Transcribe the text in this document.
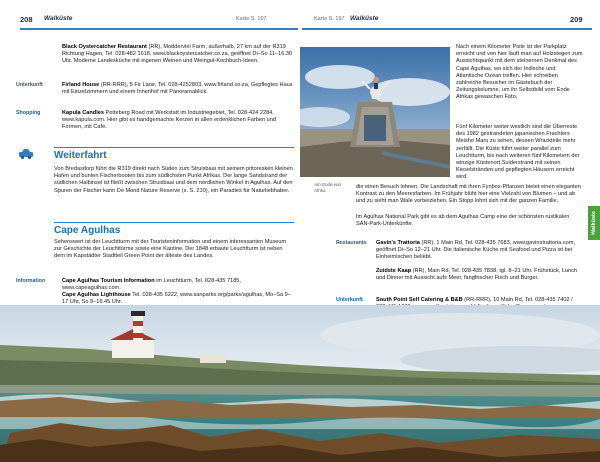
208 Walküste	Karte S. 197
Black Oystercatcher Restaurant (RR), Moddervlei Farm, außerhalb, 27 km auf der R319 Richtung Hagen, Tel. 028-482 1618, www.blackoystercatcher.co.za, geöffnet Di–So 11–16.30 Uhr. Moderne Landesküche mit eigenen Weinen und Weingut-Kochbuch-Ideen.
Unterkunft	Firland House (RR-RRR), 5 Fir Lane, Tel. 028-4252803, www.firland.co.za, Gepflegtes Haus mit Einzelzimmern und einem Innenhof mit Panoramablick.
Shopping	Kapula Candles Potteberg Road mit Werkstatt im Industriegebiet, Tel. 028-424 2284, www.kapula.com. Hier gibt es handgemachte Kerzen in allen erdenklichen Farben und Formen, mit Café.
Weiterfahrt
Von Bredasdorp führt die R319 direkt nach Süden zum Struisbaai mit seinem pittoresken kleinen Hafen und bunten Fischerbooten bis zum südlichsten Punkt Afrikas. Der lange Sandstrand der südlichen Halbinsel ist fließt zwischen Struisbaai und dem nördlichen Winkel in Agulhas. Auf den Spuren der Fischer kann De Mond Nature Reserve (s. S. 210), ein Paradies für Naturliebhaber.
Cape Agulhas
Sehenswert ist der Leuchtturm mit der Touristeninformation und einem interessanten Museum zur Geschichte der Leuchttürme sowie eine Kantine. Der 1848 erbaute Leuchtturm ist neben dem im Kapstädter Stadtteil Green Point der älteste des Landes.
Information	Cape Agulhas Tourism Information im Leuchtturm, Tel. 028-435 7185, www.capeagulhas.com.
Cape Agulhas Lighthouse Tel. 028-435 6222, www.sanparks.org/parks/agulhas, Mo–Sa 9–17 Uhr, So 9–16.45 Uhr.
Karte S. 197 Walküste	209
Am Ende von Afrika
Nach einem Kilometer Piste ist der Parkplatz erreicht und von hier läuft man auf Holzstegen zum Aussichtspunkt mit dem steinernen Denkmal des Cape Agulhas, wo sich der Indische und Atlantische Ozean treffen. Hier schreiben zahlreiche Besucher im Gästebuch der Zeitungskolumne, um ihr Selbstbild vom Ende Afrikas gewaschen Foto.
Fünf Kilometer weiter westlich sind die Überreste des 1982 gestrandeten japanischen Frachters Meisho Maru zu sehen, dessen Wrackteile mehr zerfällt. Die Küste führt weiter parallel zum Leuchtturm, bis nach weiteren fünf Kilometern der winzige Küstenort Suiderstrand mit seinen Kieselstränden und gepflegten Häusern erreicht wird.
die einen Besuch lohnen. Die Landschaft mit ihren Fynbos-Pflanzen bietet einen eleganten Kontrast zu den Meeresfarben. Im Frühjahr blüht hier eine Vielzahl von Blumen – und ab und zu sieht man Wale vorbeiziehen. Ein Stopp lohnt sich mit der ganzen Familie.
Im Agulhas National Park gibt es ab dem Agulhas Camp eine der schönsten rustikalen SAN-Park-Unterkünfte.
Restaurants Gavin's Trattoria (RR), 1 Main Rd, Tel. 028-435 7683, www.gavinstrattoria.com, geöffnet Di–So 12–21 Uhr. Die italienische Küche mit Seafood und Pizza ist bei Einheimischen beliebt.
Zuidste Kaap (RR), Main Rd, Tel. 028-435 7838, tgl. 8–21 Uhr. Frühstück, Lunch und Dinner mit Aussicht aufs Meer, fangfrischer Fisch und Burger.
Unterkunft South Point Self Catering & B&B (RR-RRR), 10 Main Rd, Tel. 028-435 7402 /
Walküste
